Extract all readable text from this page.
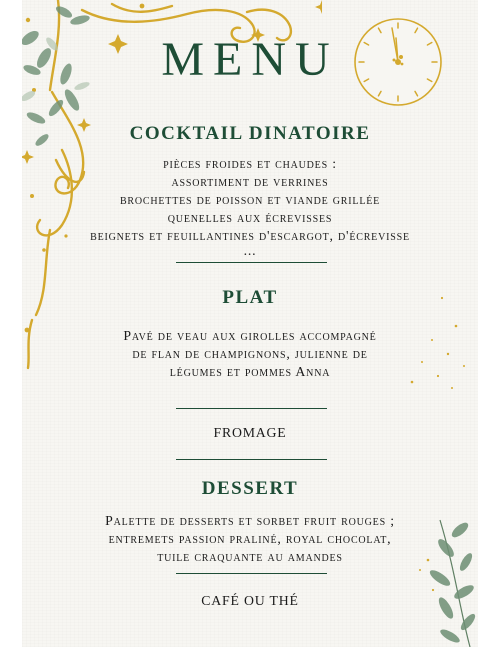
MENU
COCKTAIL DINATOIRE
pièces froides et chaudes :
assortiment de verrines
brochettes de poisson et viande grillée
quenelles aux écrevisses
beignets et feuillantines d'escargot, d'écrevisse
...
PLAT
Pavé de veau aux girolles accompagné
de flan de champignons, julienne de
légumes et pommes Anna
FROMAGE
DESSERT
Palette de desserts et sorbet fruit rouges ;
entremets passion praliné, royal chocolat,
tuile craquante au amandes
CAFÉ OU THÉ
